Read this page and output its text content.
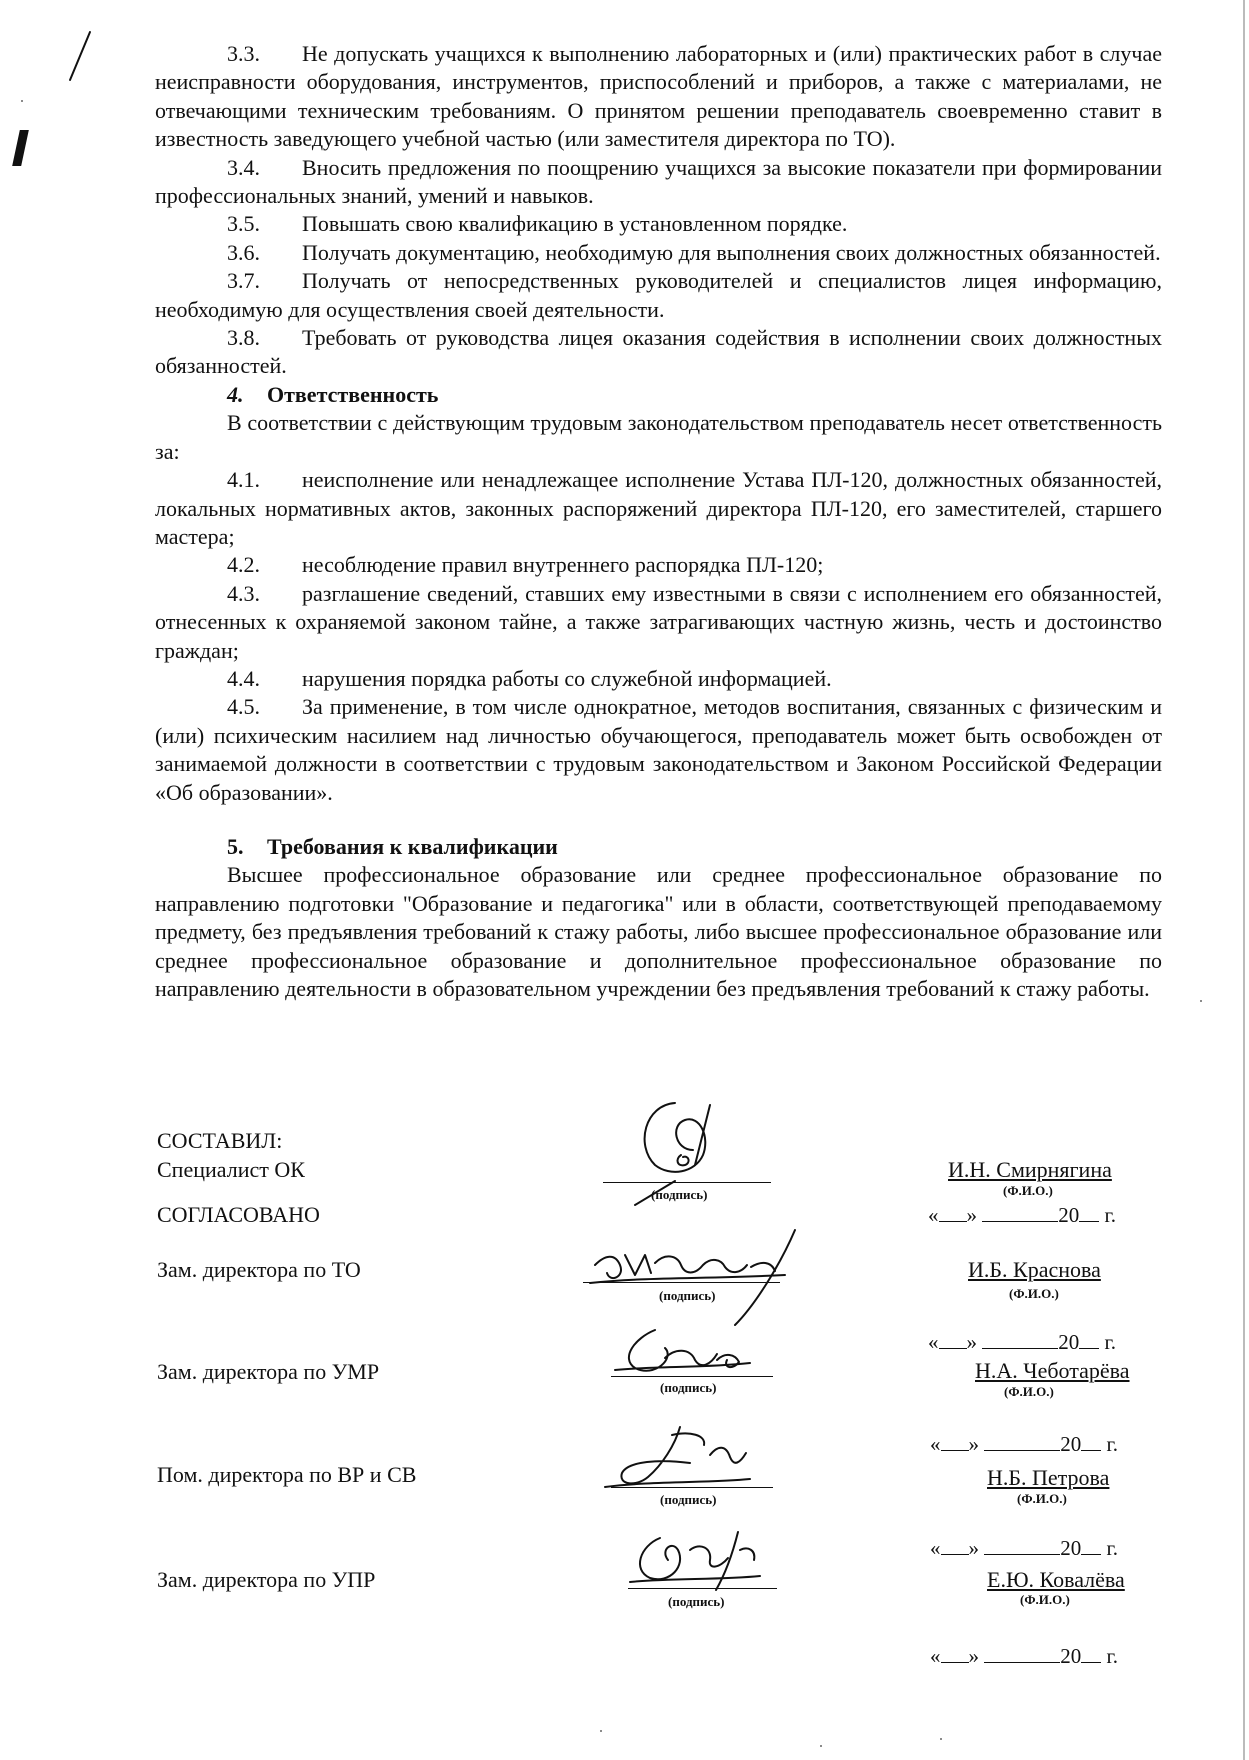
3.3. Не допускать учащихся к выполнению лабораторных и (или) практических работ в случае неисправности оборудования, инструментов, приспособлений и приборов, а также с материалами, не отвечающими техническим требованиям. О принятом решении преподаватель своевременно ставит в известность заведующего учебной частью (или заместителя директора по ТО).

3.4. Вносить предложения по поощрению учащихся за высокие показатели при формировании профессиональных знаний, умений и навыков.

3.5. Повышать свою квалификацию в установленном порядке.

3.6. Получать документацию, необходимую для выполнения своих должностных обязанностей.

3.7. Получать от непосредственных руководителей и специалистов лицея информацию, необходимую для осуществления своей деятельности.

3.8. Требовать от руководства лицея оказания содействия в исполнении своих должностных обязанностей.

4. Ответственность

В соответствии с действующим трудовым законодательством преподаватель несет ответственность за:

4.1. неисполнение или ненадлежащее исполнение Устава ПЛ-120, должностных обязанностей, локальных нормативных актов, законных распоряжений директора ПЛ-120, его заместителей, старшего мастера;

4.2. несоблюдение правил внутреннего распорядка ПЛ-120;

4.3. разглашение сведений, ставших ему известными в связи с исполнением его обязанностей, отнесенных к охраняемой законом тайне, а также затрагивающих частную жизнь, честь и достоинство граждан;

4.4. нарушения порядка работы со служебной информацией.

4.5. За применение, в том числе однократное, методов воспитания, связанных с физическим и (или) психическим насилием над личностью обучающегося, преподаватель может быть освобожден от занимаемой должности в соответствии с трудовым законодательством и Законом Российской Федерации «Об образовании».

5. Требования к квалификации

Высшее профессиональное образование или среднее профессиональное образование по направлению подготовки "Образование и педагогика" или в области, соответствующей преподаваемому предмету, без предъявления требований к стажу работы, либо высшее профессиональное образование или среднее профессиональное образование и дополнительное профессиональное образование по направлению деятельности в образовательном учреждении без предъявления требований к стажу работы.

СОСТАВИЛ:
Специалист ОК
(подпись)
И.Н. Смирнягина
(Ф.И.О.)
СОГЛАСОВАНО	« »	20 г.
Зам. директора по ТО
(подпись)
И.Б. Краснова
(Ф.И.О.)
« »	20 г.
Зам. директора по УМР
(подпись)
Н.А. Чеботарёва
(Ф.И.О.)
« »	20 г.
Пом. директора по ВР и СВ
(подпись)
Н.Б. Петрова
(Ф.И.О.)
« »	20 г.
Зам. директора по УПР
(подпись)
Е.Ю. Ковалёва
(Ф.И.О.)
« »	20 г.
